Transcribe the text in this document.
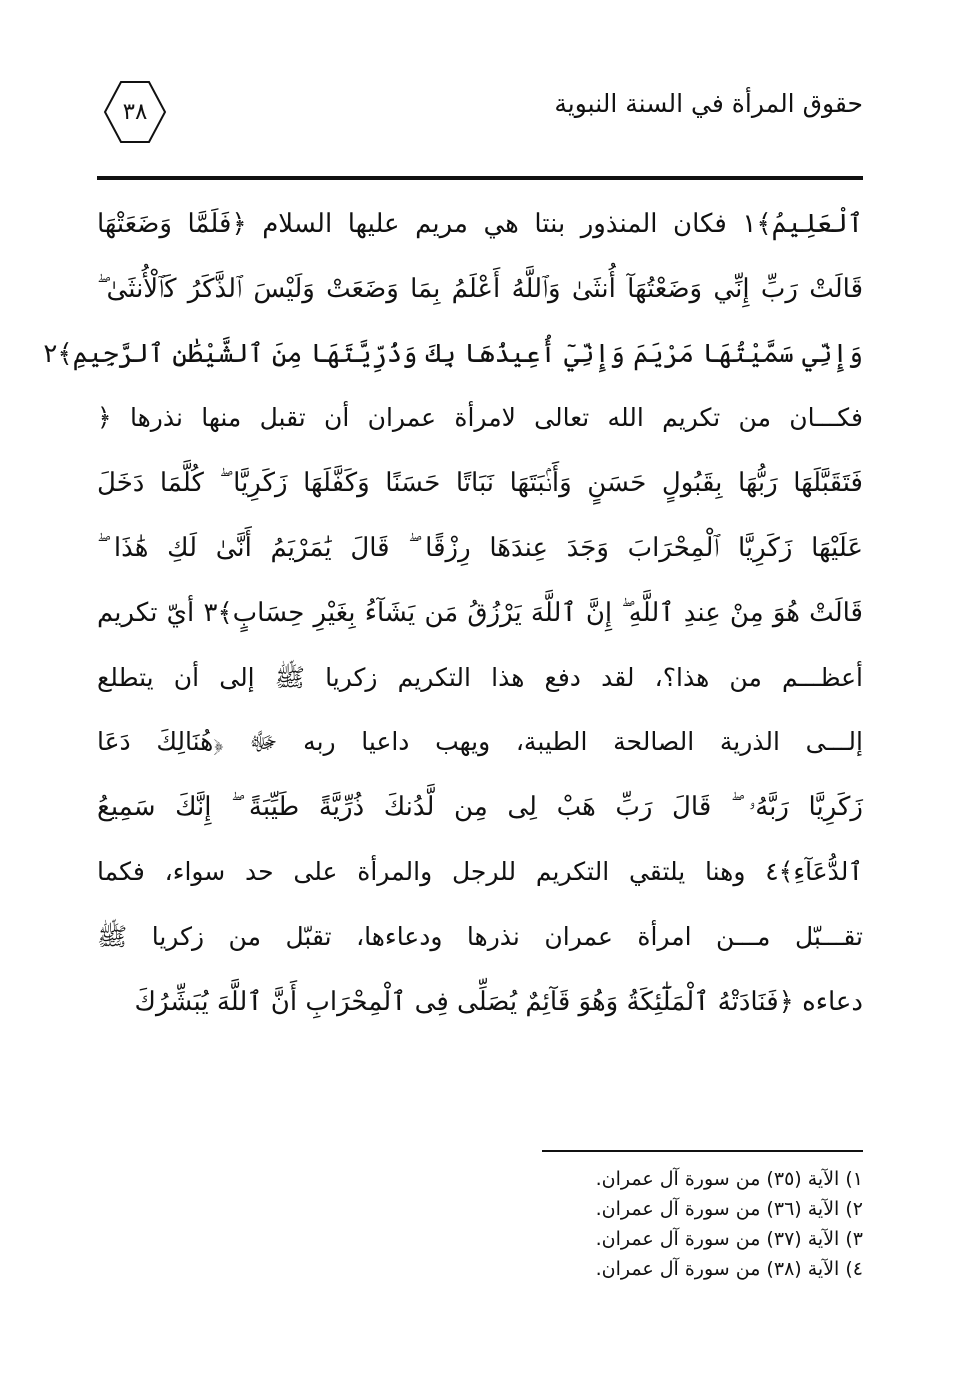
حقوق المرأة في السنة النبوية
٣٨
ٱلْعَلِيمُ﴾١ فكان المنذور بنتا هي مريم عليها السلام ﴿فَلَمَّا وَضَعَتْهَا
قَالَتْ رَبِّ إِنِّي وَضَعْتُهَآ أُنثَىٰ وَٱللَّهُ أَعْلَمُ بِمَا وَضَعَتْ وَلَيْسَ ٱلذَّكَرُ كَٱلْأُنثَىٰ ۖ
وَإِنِّي سَمَّيْتُهَا مَرْيَمَ وَإِنِّيٓ أُعِيذُهَا بِكَ وَذُرِّيَّتَهَا مِنَ ٱلشَّيْطَٰنِ ٱلرَّجِيمِ﴾٢
فكـــان من تكريم الله تعالى لامرأة عمران أن تقبل منها نذرها ﴿
فَتَقَبَّلَهَا رَبُّهَا بِقَبُولٍ حَسَنٍ وَأَنۢبَتَهَا نَبَاتًا حَسَنًا وَكَفَّلَهَا زَكَرِيَّا ۖ كُلَّمَا دَخَلَ
عَلَيْهَا زَكَرِيَّا ٱلْمِحْرَابَ وَجَدَ عِندَهَا رِزْقًا ۖ قَالَ يَٰمَرْيَمُ أَنَّىٰ لَكِ هَٰذَا ۖ
قَالَتْ هُوَ مِنْ عِندِ ٱللَّهِ ۖ إِنَّ ٱللَّهَ يَرْزُقُ مَن يَشَآءُ بِغَيْرِ حِسَابٍ﴾٣ أيّ تكريم
أعظـــم من هذا؟، لقد دفع هذا التكريم زكريا ﷺ إلى أن يتطلع
إلـــى الذرية الصالحة الطيبة، ويهب داعيا ربه ﷻ ﴿هُنَالِكَ دَعَا
زَكَرِيَّا رَبَّهُۥ ۖ قَالَ رَبِّ هَبْ لِى مِن لَّدُنكَ ذُرِّيَّةً طَيِّبَةً ۖ إِنَّكَ سَمِيعُ
ٱلدُّعَآءِ﴾٤ وهنا يلتقي التكريم للرجل والمرأة على حد سواء، فكما
تقـــبّل مـــن امرأة عمران نذرها ودعاءها، تقبّل من زكريا ﷺ
دعاءه ﴿فَنَادَتْهُ ٱلْمَلَٰٓئِكَةُ وَهُوَ قَآئِمٌ يُصَلِّى فِى ٱلْمِحْرَابِ أَنَّ ٱللَّهَ يُبَشِّرُكَ
١) الآية (٣٥) من سورة آل عمران.
٢) الآية (٣٦) من سورة آل عمران.
٣) الآية (٣٧) من سورة آل عمران.
٤) الآية (٣٨) من سورة آل عمران.
